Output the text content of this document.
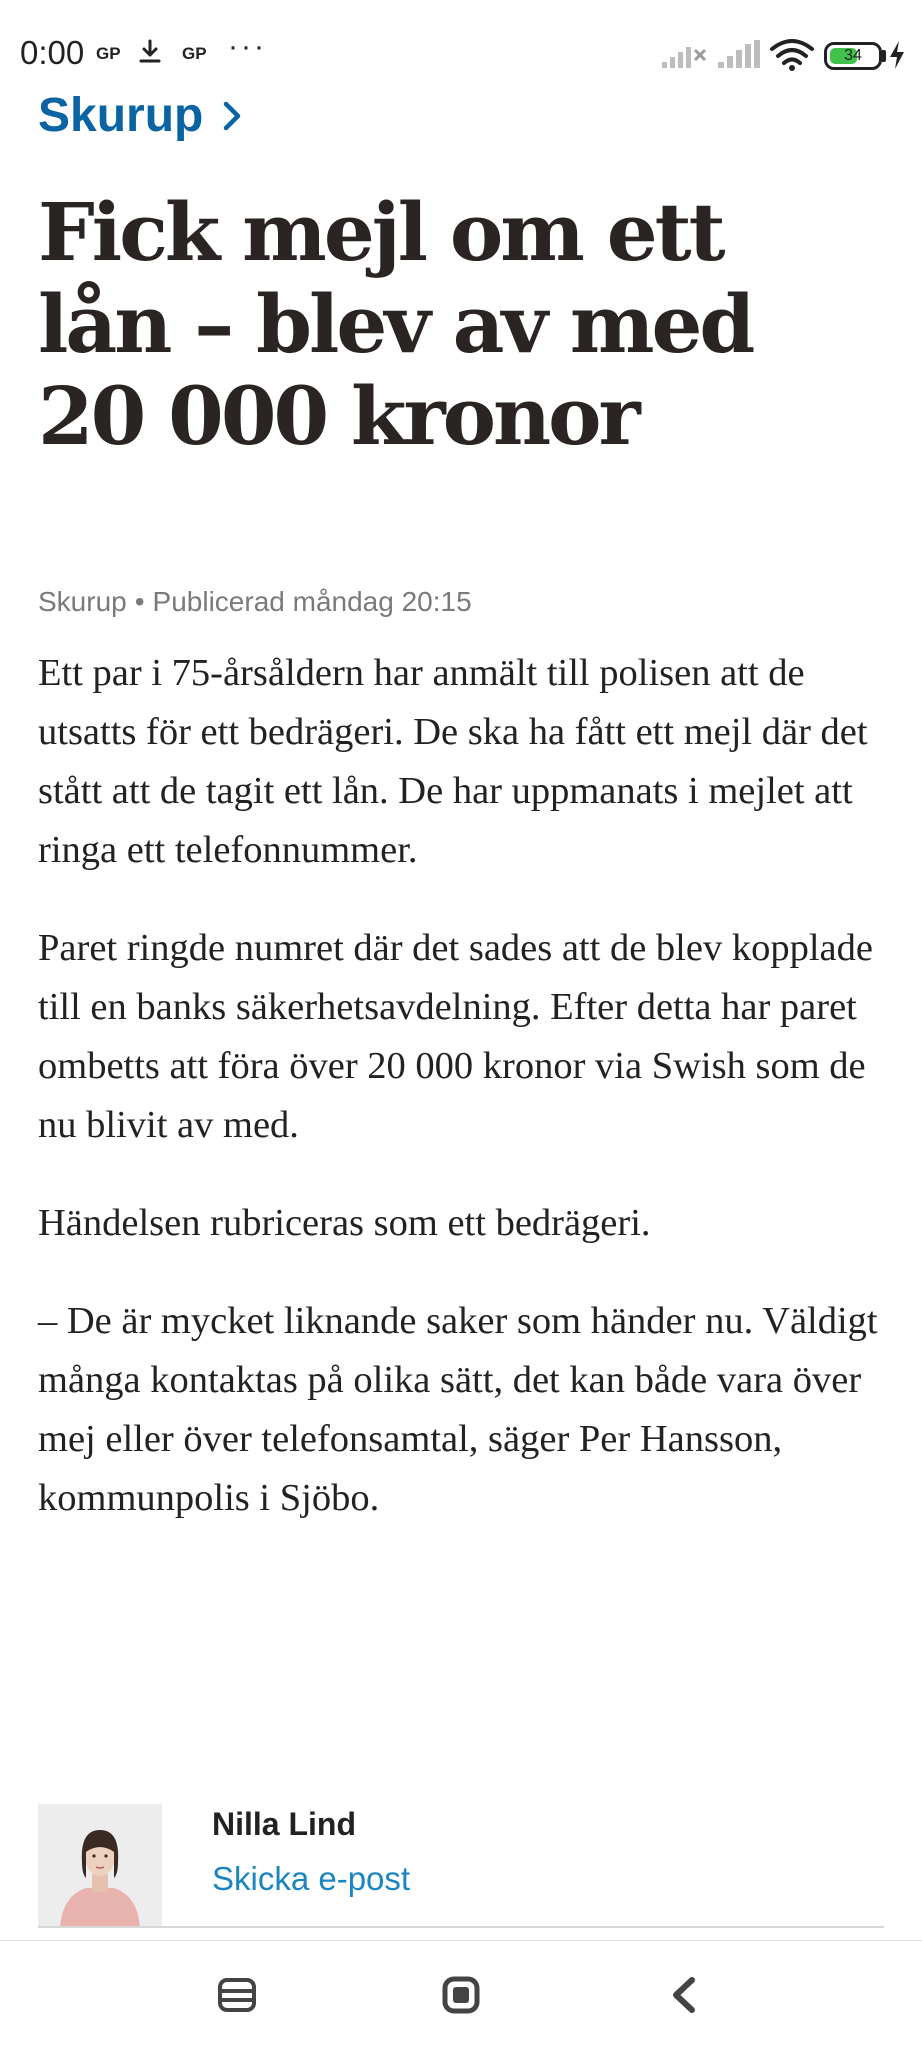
0:00 GP	GP ···	34
Skurup
Fick mejl om ett lån – blev av med 20 000 kronor
Skurup • Publicerad måndag 20:15

Ett par i 75-årsåldern har anmält till polisen att de utsatts för ett bedrägeri. De ska ha fått ett mejl där det stått att de tagit ett lån. De har uppmanats i mejlet att ringa ett telefonnummer.

Paret ringde numret där det sades att de blev kopplade till en banks säkerhetsavdelning. Efter detta har paret ombetts att föra över 20 000 kronor via Swish som de nu blivit av med.

Händelsen rubriceras som ett bedrägeri.

– De är mycket liknande saker som händer nu. Väldigt många kontaktas på olika sätt, det kan både vara över mej eller över telefonsamtal, säger Per Hansson, kommunpolis i Sjöbo.

Nilla Lind
Skicka e-post
